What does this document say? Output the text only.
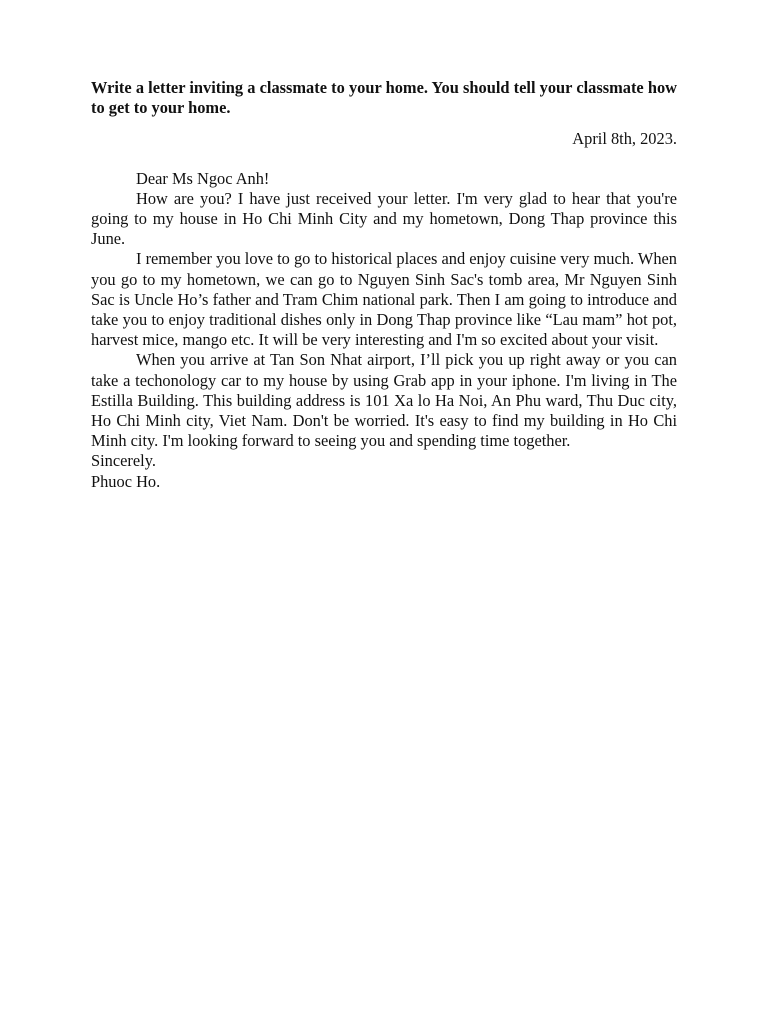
Write a letter inviting a classmate to your home. You should tell your classmate how to get to your home.

April 8th, 2023.

Dear Ms Ngoc Anh!

How are you? I have just received your letter. I'm very glad to hear that you're going to my house in Ho Chi Minh City and my hometown, Dong Thap province this June.

I remember you love to go to historical places and enjoy cuisine very much. When you go to my hometown, we can go to Nguyen Sinh Sac's tomb area, Mr Nguyen Sinh Sac is Uncle Ho’s father and Tram Chim national park. Then I am going to introduce and take you to enjoy traditional dishes only in Dong Thap province like “Lau mam” hot pot, harvest mice, mango etc. It will be very interesting and I'm so excited about your visit.

When you arrive at Tan Son Nhat airport, I’ll pick you up right away or you can take a techonology car to my house by using Grab app in your iphone. I'm living in The Estilla Building. This building address is 101 Xa lo Ha Noi, An Phu ward, Thu Duc city, Ho Chi Minh city, Viet Nam. Don't be worried. It's easy to find my building in Ho Chi Minh city. I'm looking forward to seeing you and spending time together.

Sincerely.

Phuoc Ho.
